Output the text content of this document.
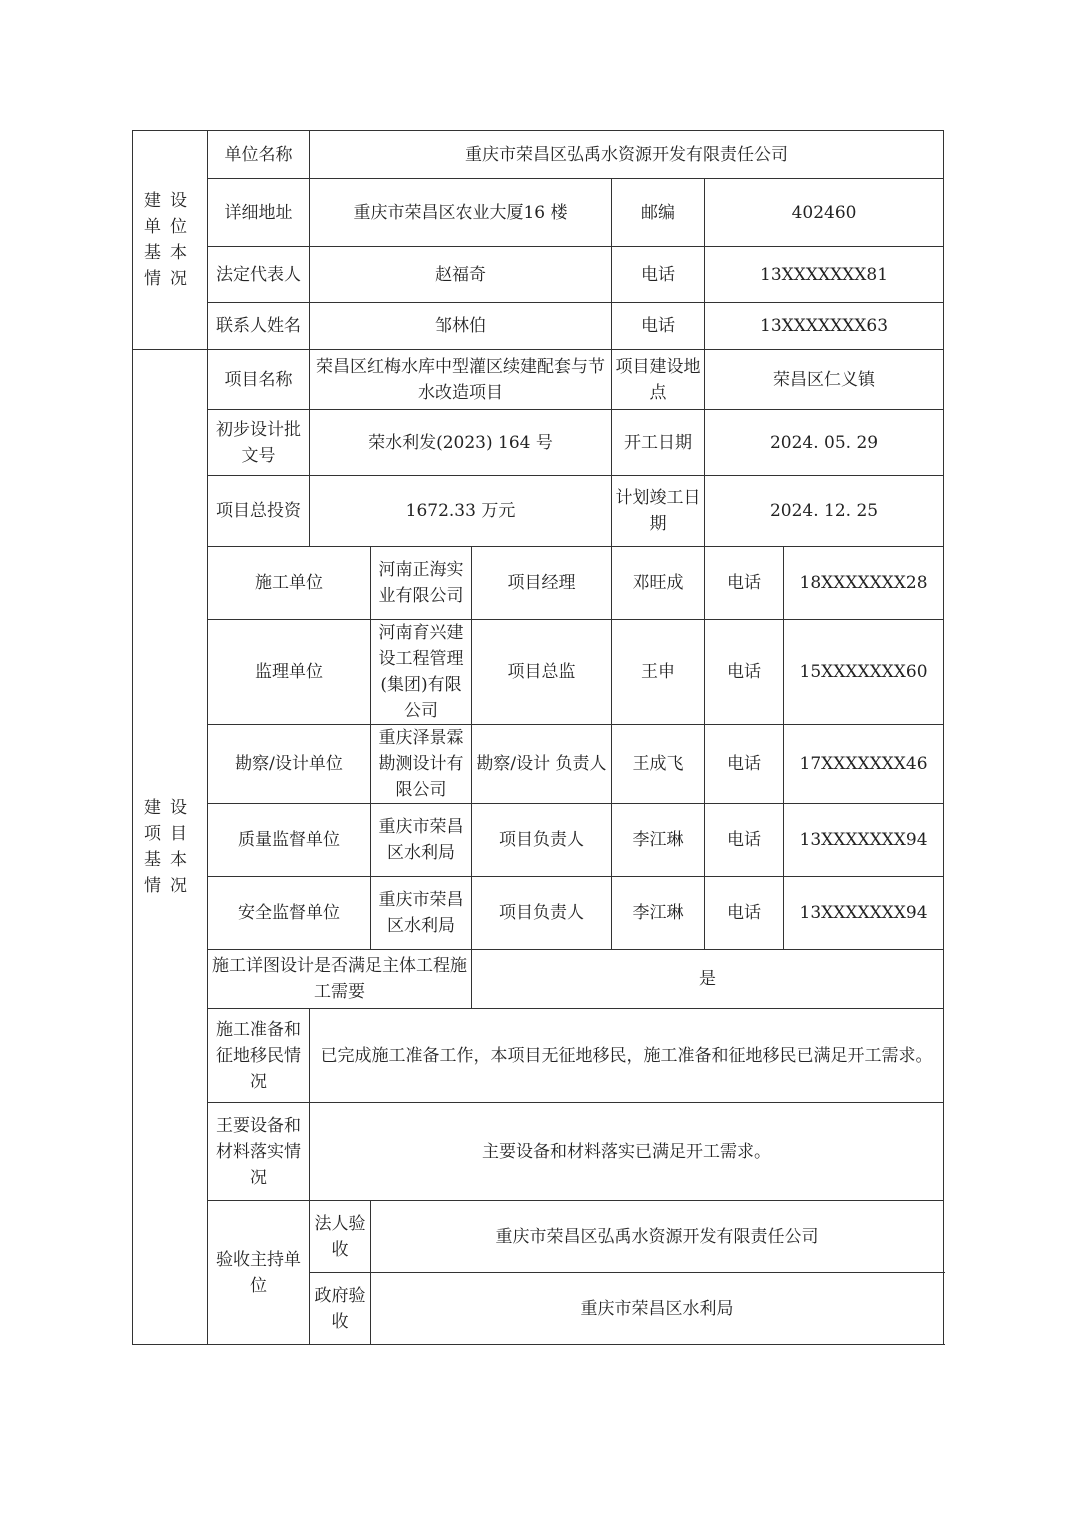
建设单位基本情况	单位名称	重庆市荣昌区弘禹水资源开发有限责任公司					
	详细地址	重庆市荣昌区农业大厦16 楼			邮编	402460	
	法定代表人	赵福奇			电话	13XXXXXXX81	
	联系人姓名	邹林伯			电话	13XXXXXXX63	
建设项目基本情况	项目名称	荣昌区红梅水库中型灌区续建配套与节水改造项目			项目建设地点	荣昌区仁义镇	
	初步设计批文号	荣水利发(2023) 164 号			开工日期	2024. 05. 29	
	项目总投资	1672.33 万元			计划竣工日期	2024. 12. 25	
	施工单位		河南正海实业有限公司	项目经理	邓旺成	电话	18XXXXXXX28
	监理单位		河南育兴建设工程管理(集团)有限公司	项目总监	王申	电话	15XXXXXXX60
	勘察/设计单位		重庆泽景霖勘测设计有限公司	勘察/设计 负责人	王成飞	电话	17XXXXXXX46
	质量监督单位		重庆市荣昌区水利局	项目负责人	李江琳	电话	13XXXXXXX94
	安全监督单位		重庆市荣昌区水利局	项目负责人	李江琳	电话	13XXXXXXX94
	施工详图设计是否满足主体工程施工需要			是			
	施工准备和征地移民情况	已完成施工准备工作，本项目无征地移民，施工准备和征地移民已满足开工需求。					
	王要设备和材料落实情况	主要设备和材料落实已满足开工需求。					
	验收主持单位	法人验收	重庆市荣昌区弘禹水资源开发有限责任公司				
		政府验收	重庆市荣昌区水利局				
